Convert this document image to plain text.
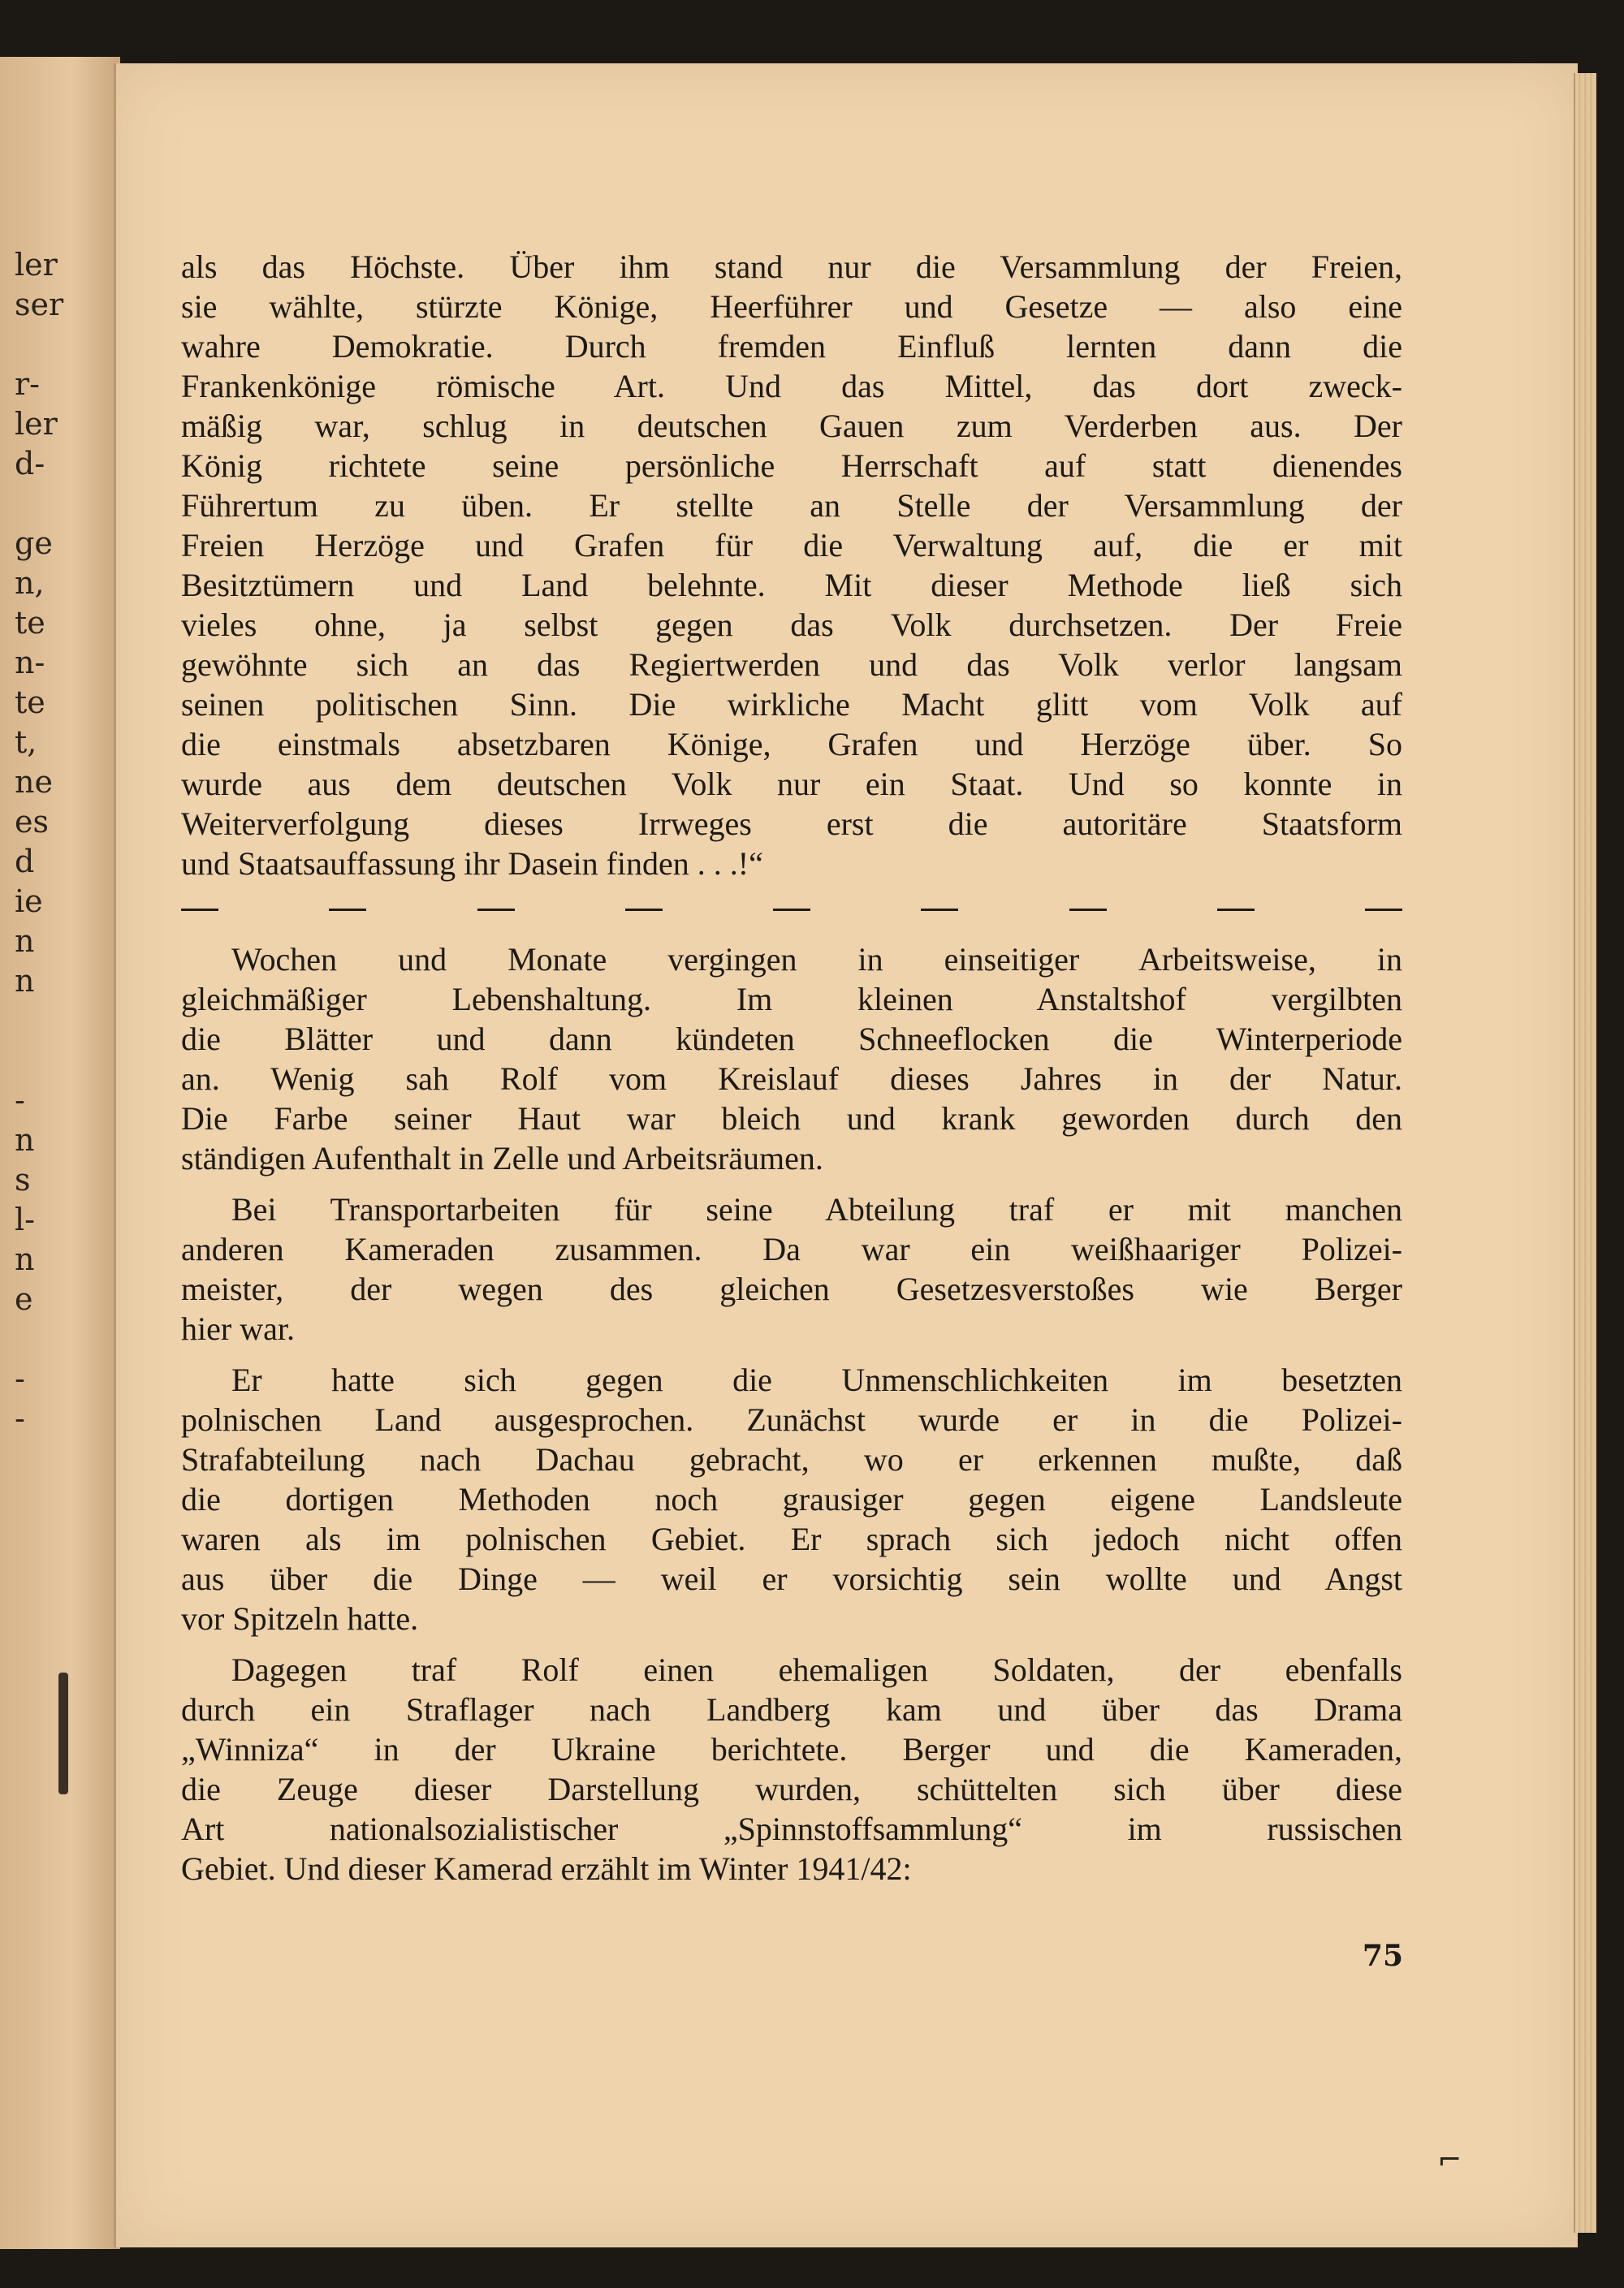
ler
ser
r-
ler
d-
ge
n,
te
n-
te
t,
ne
es
d
ie
n
n
-
n
s
l-
n
e
-
-
als das Höchste. Über ihm stand nur die Versammlung der Freien,
sie wählte, stürzte Könige, Heerführer und Gesetze — also eine
wahre Demokratie. Durch fremden Einfluß lernten dann die
Frankenkönige römische Art. Und das Mittel, das dort zweck-
mäßig war, schlug in deutschen Gauen zum Verderben aus. Der
König richtete seine persönliche Herrschaft auf statt dienendes
Führertum zu üben. Er stellte an Stelle der Versammlung der
Freien Herzöge und Grafen für die Verwaltung auf, die er mit
Besitztümern und Land belehnte. Mit dieser Methode ließ sich
vieles ohne, ja selbst gegen das Volk durchsetzen. Der Freie
gewöhnte sich an das Regiertwerden und das Volk verlor langsam
seinen politischen Sinn. Die wirkliche Macht glitt vom Volk auf
die einstmals absetzbaren Könige, Grafen und Herzöge über. So
wurde aus dem deutschen Volk nur ein Staat. Und so konnte in
Weiterverfolgung dieses Irrweges erst die autoritäre Staatsform
und Staatsauffassung ihr Dasein finden . . .!“
Wochen und Monate vergingen in einseitiger Arbeitsweise, in
gleichmäßiger Lebenshaltung. Im kleinen Anstaltshof vergilbten
die Blätter und dann kündeten Schneeflocken die Winterperiode
an. Wenig sah Rolf vom Kreislauf dieses Jahres in der Natur.
Die Farbe seiner Haut war bleich und krank geworden durch den
ständigen Aufenthalt in Zelle und Arbeitsräumen.
Bei Transportarbeiten für seine Abteilung traf er mit manchen
anderen Kameraden zusammen. Da war ein weißhaariger Polizei-
meister, der wegen des gleichen Gesetzesverstoßes wie Berger
hier war.
Er hatte sich gegen die Unmenschlichkeiten im besetzten
polnischen Land ausgesprochen. Zunächst wurde er in die Polizei-
Strafabteilung nach Dachau gebracht, wo er erkennen mußte, daß
die dortigen Methoden noch grausiger gegen eigene Landsleute
waren als im polnischen Gebiet. Er sprach sich jedoch nicht offen
aus über die Dinge — weil er vorsichtig sein wollte und Angst
vor Spitzeln hatte.
Dagegen traf Rolf einen ehemaligen Soldaten, der ebenfalls
durch ein Straflager nach Landberg kam und über das Drama
„Winniza“ in der Ukraine berichtete. Berger und die Kameraden,
die Zeuge dieser Darstellung wurden, schüttelten sich über diese
Art nationalsozialistischer „Spinnstoffsammlung“ im russischen
Gebiet. Und dieser Kamerad erzählt im Winter 1941/42:
75
⌐
